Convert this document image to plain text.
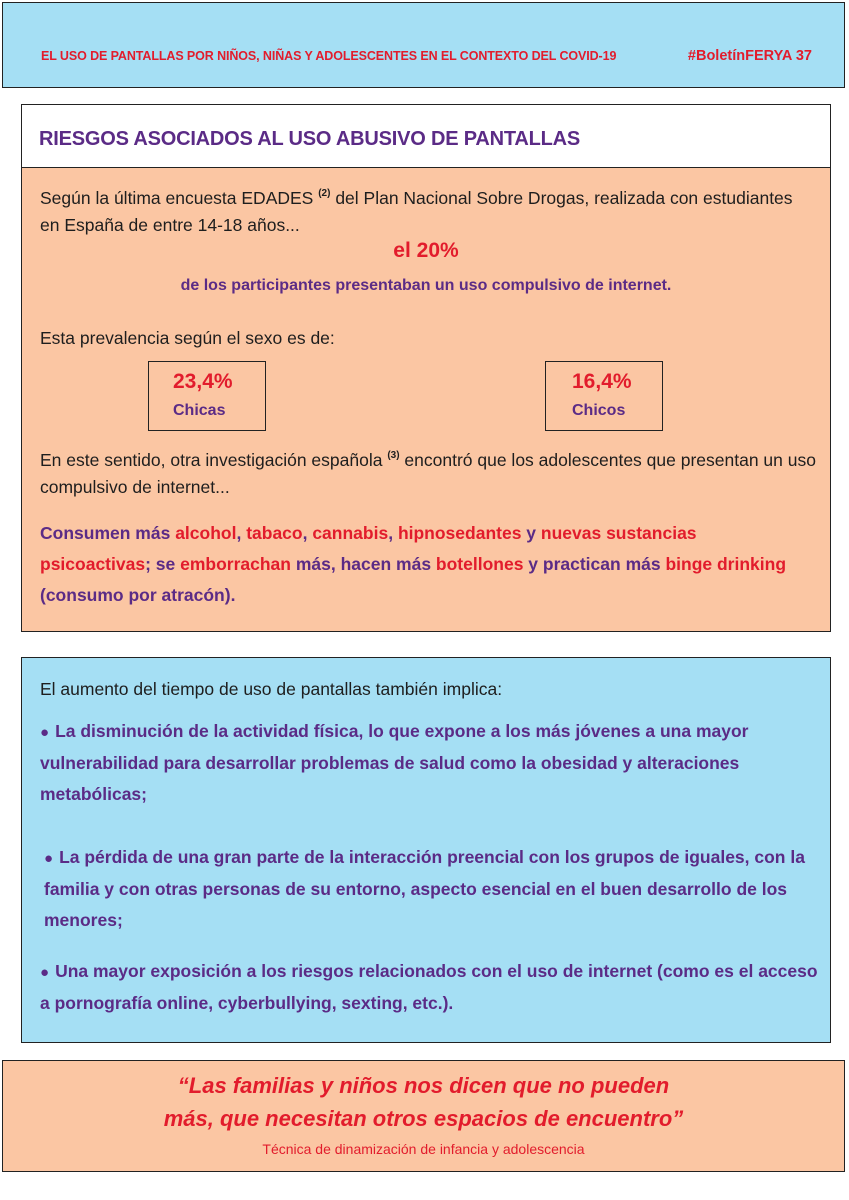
EL USO DE PANTALLAS POR NIÑOS, NIÑAS Y ADOLESCENTES EN EL CONTEXTO DEL COVID-19	#BoletínFERYA 37
RIESGOS ASOCIADOS AL USO ABUSIVO DE PANTALLAS
Según la última encuesta EDADES $^{(2)}$ del Plan Nacional Sobre Drogas, realizada con estudiantes en España de entre 14-18 años...
el 20%
de los participantes presentaban un uso compulsivo de internet.
Esta prevalencia según el sexo es de:
23,4%
Chicas
16,4%
Chicos
En este sentido, otra investigación española $^{(3)}$ encontró que los adolescentes que presentan un uso compulsivo de internet...
Consumen más alcohol, tabaco, cannabis, hipnosedantes y nuevas sustancias psicoactivas; se emborrachan más, hacen más botellones y practican más binge drinking (consumo por atracón).
El aumento del tiempo de uso de pantallas también implica:
● La disminución de la actividad física, lo que expone a los más jóvenes a una mayor vulnerabilidad para desarrollar problemas de salud como la obesidad y alteraciones metabólicas;
● La pérdida de una gran parte de la interacción preencial con los grupos de iguales, con la familia y con otras personas de su entorno, aspecto esencial en el buen desarrollo de los menores;
● Una mayor exposición a los riesgos relacionados con el uso de internet (como es el acceso a pornografía online, cyberbullying, sexting, etc.).
“Las familias y niños nos dicen que no pueden
más, que necesitan otros espacios de encuentro”
Técnica de dinamización de infancia y adolescencia
